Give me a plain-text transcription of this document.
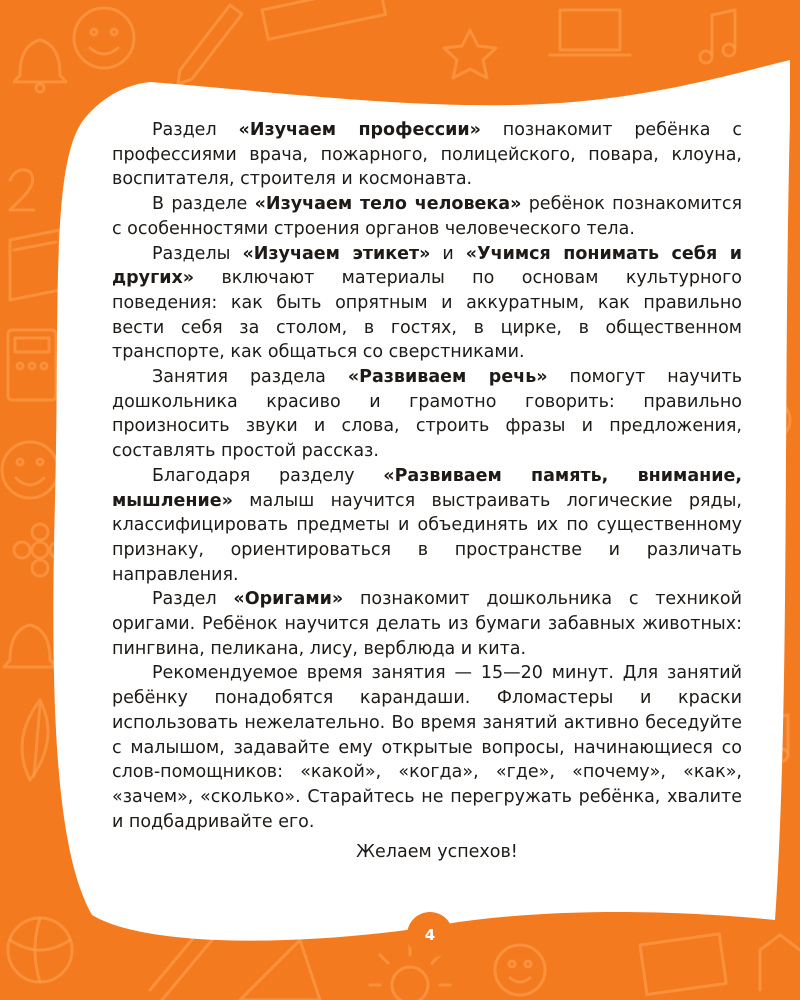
Раздел «Изучаем профессии» познакомит ребёнка с профессиями врача, пожарного, полицейского, повара, клоуна, воспитателя, строителя и космонавта.

В разделе «Изучаем тело человека» ребёнок познакомится с особенностями строения органов человеческого тела.

Разделы «Изучаем этикет» и «Учимся понимать себя и других» включают материалы по основам культурного поведения: как быть опрятным и аккуратным, как правильно вести себя за столом, в гостях, в цирке, в общественном транспорте, как общаться со сверстниками.

Занятия раздела «Развиваем речь» помогут научить дошкольника красиво и грамотно говорить: правильно произносить звуки и слова, строить фразы и предложения, составлять простой рассказ.

Благодаря разделу «Развиваем память, внимание, мышление» малыш научится выстраивать логические ряды, классифицировать предметы и объединять их по существенному признаку, ориентироваться в пространстве и различать направления.

Раздел «Оригами» познакомит дошкольника с техникой оригами. Ребёнок научится делать из бумаги забавных животных: пингвина, пеликана, лису, верблюда и кита.

Рекомендуемое время занятия — 15—20 минут. Для занятий ребёнку понадобятся карандаши. Фломастеры и краски использовать нежелательно. Во время занятий активно беседуйте с малышом, задавайте ему открытые вопросы, начинающиеся со слов-помощников: «какой», «когда», «где», «почему», «как», «зачем», «сколько». Старайтесь не перегружать ребёнка, хвалите и подбадривайте его.

Желаем успехов!

4
